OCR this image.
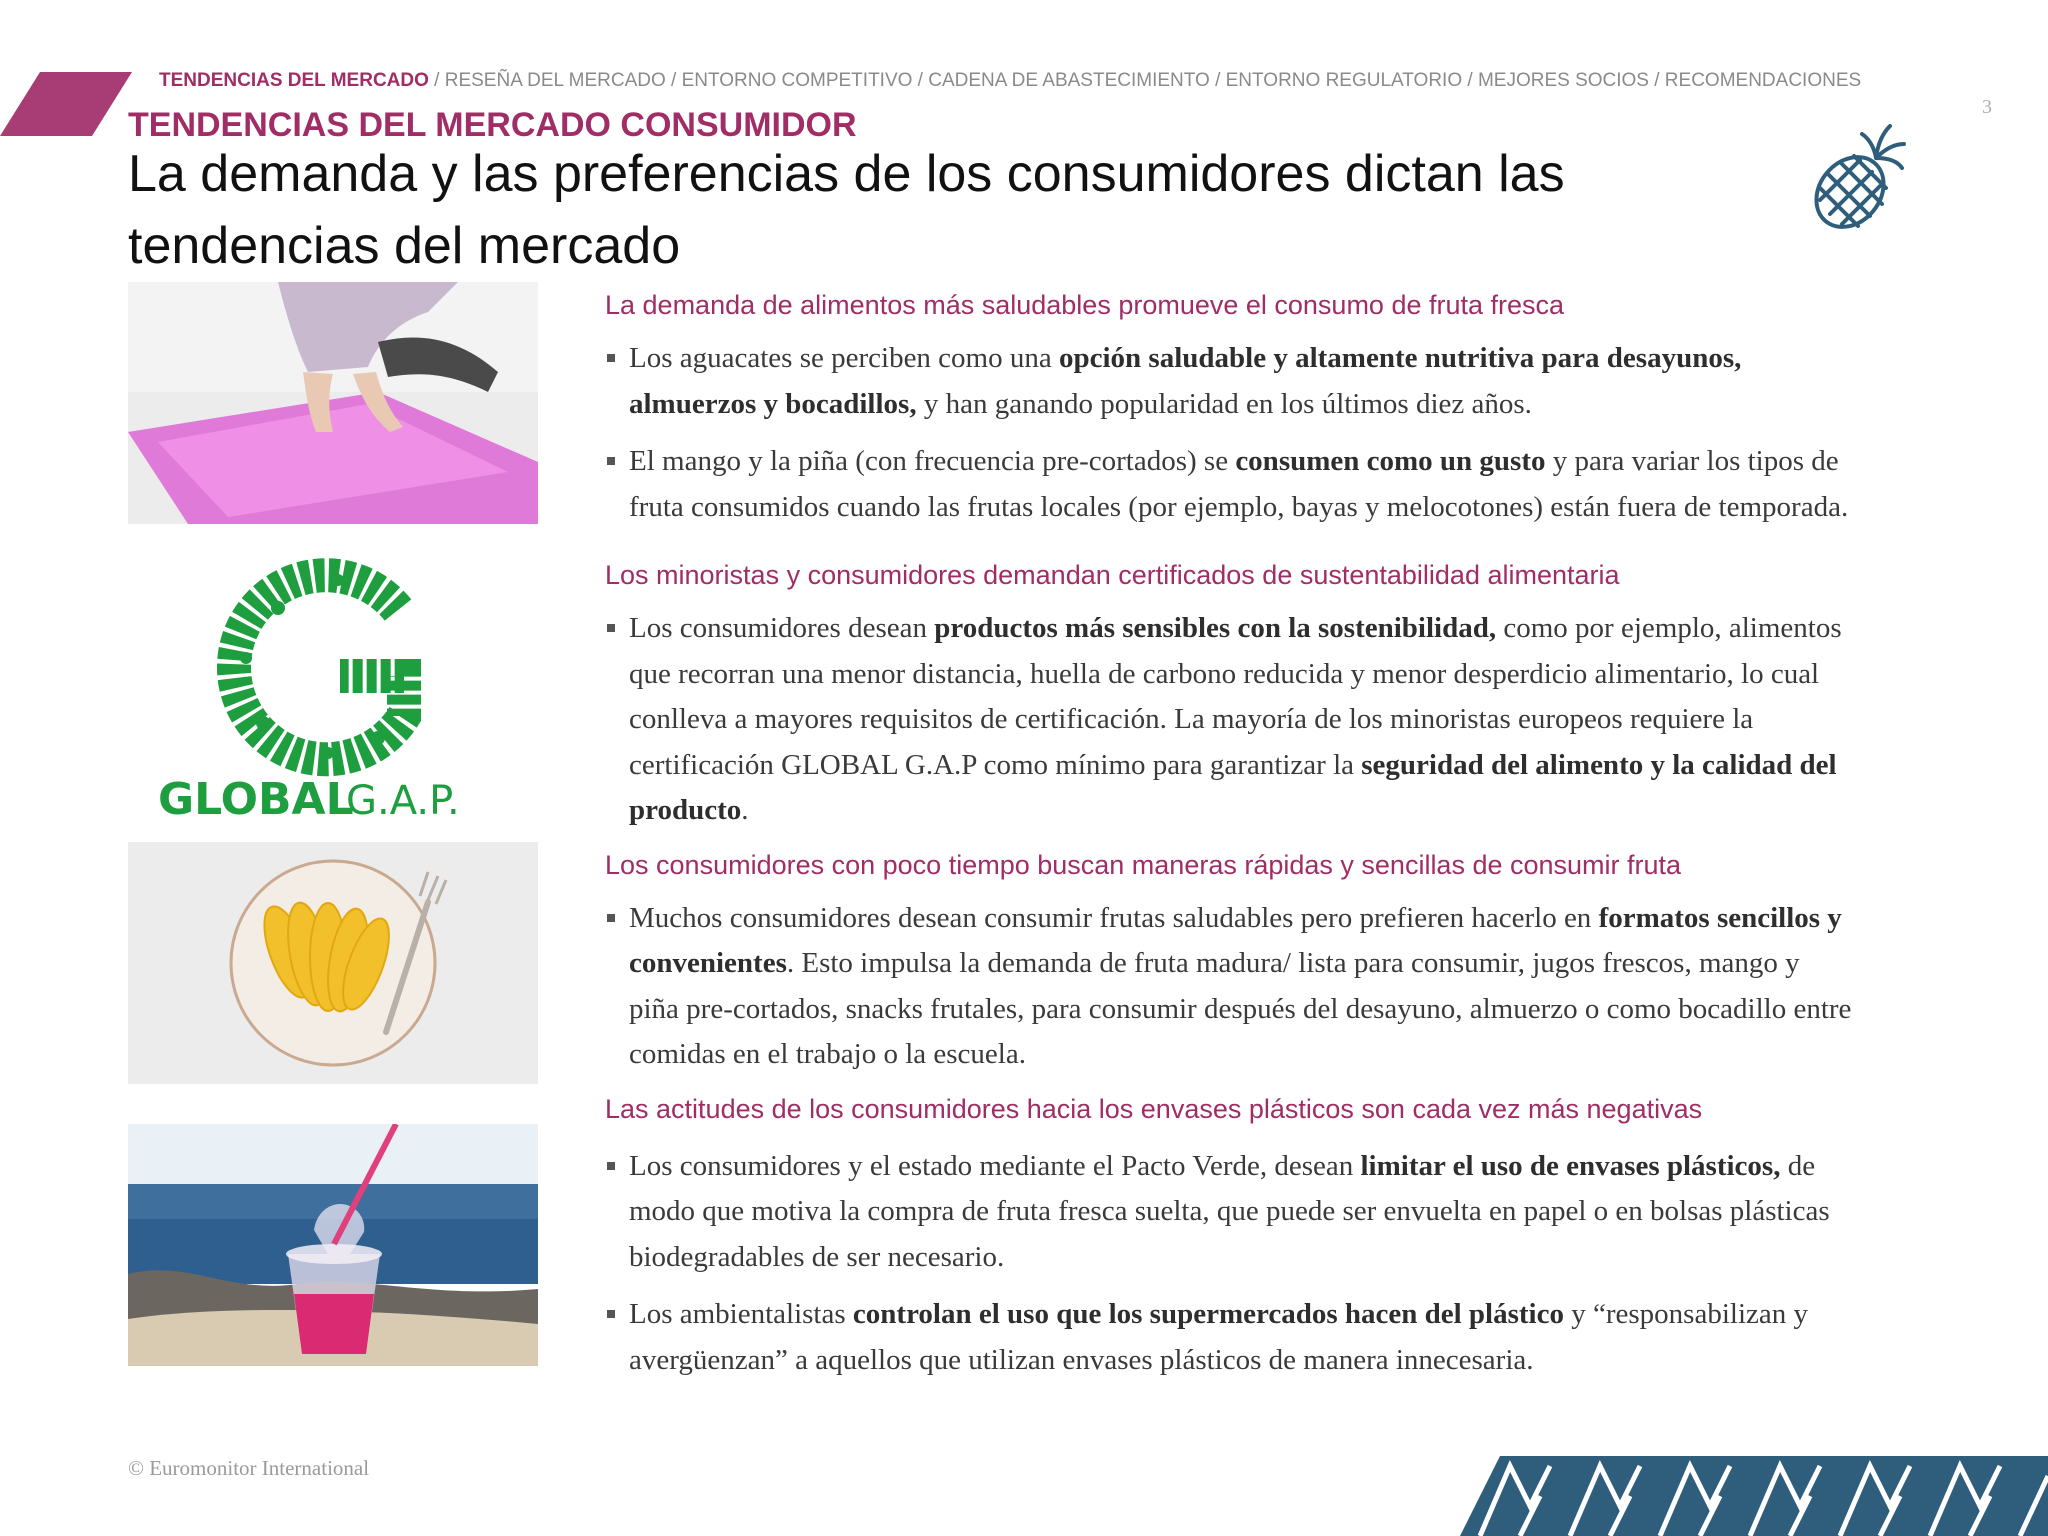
TENDENCIAS DEL MERCADO / RESEÑA DEL MERCADO / ENTORNO COMPETITIVO / CADENA DE ABASTECIMIENTO / ENTORNO REGULATORIO / MEJORES SOCIOS / RECOMENDACIONES
3
TENDENCIAS DEL MERCADO CONSUMIDOR
La demanda y las preferencias de los consumidores dictan las tendencias del mercado
GLOBAL
G.A.P.
© Euromonitor International
La demanda de alimentos más saludables promueve el consumo de fruta fresca
Los aguacates se perciben como una opción saludable y altamente nutritiva para desayunos, almuerzos y bocadillos, y han ganando popularidad en los últimos diez años.
El mango y la piña (con frecuencia pre-cortados) se consumen como un gusto y para variar los tipos de fruta consumidos cuando las frutas locales (por ejemplo, bayas y melocotones) están fuera de temporada.
Los minoristas y consumidores demandan certificados de sustentabilidad alimentaria
Los consumidores desean productos más sensibles con la sostenibilidad, como por ejemplo, alimentos que recorran una menor distancia, huella de carbono reducida y menor desperdicio alimentario, lo cual conlleva a mayores requisitos de certificación. La mayoría de los minoristas europeos requiere la certificación GLOBAL G.A.P como mínimo para garantizar la seguridad del alimento y la calidad del producto.
Los consumidores con poco tiempo buscan maneras rápidas y sencillas de consumir fruta
Muchos consumidores desean consumir frutas saludables pero prefieren hacerlo en formatos sencillos y convenientes. Esto impulsa la demanda de fruta madura/ lista para consumir, jugos frescos, mango y piña pre-cortados, snacks frutales, para consumir después del desayuno, almuerzo o como bocadillo entre comidas en el trabajo o la escuela.
Las actitudes de los consumidores hacia los envases plásticos son cada vez más negativas
Los consumidores y el estado mediante el Pacto Verde, desean limitar el uso de envases plásticos, de modo que motiva la compra de fruta fresca suelta, que puede ser envuelta en papel o en bolsas plásticas biodegradables de ser necesario.
Los ambientalistas controlan el uso que los supermercados hacen del plástico y “responsabilizan y avergüenzan” a aquellos que utilizan envases plásticos de manera innecesaria.
